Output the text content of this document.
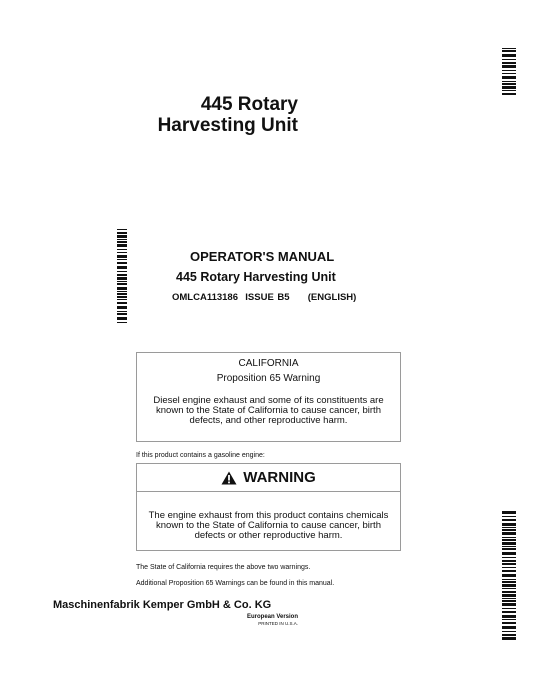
445 Rotary
Harvesting Unit
OPERATOR'S MANUAL
445 Rotary Harvesting Unit
OMLCA113186  ISSUE B5     (ENGLISH)
CALIFORNIA
Proposition 65 Warning
Diesel engine exhaust and some of its constituents are known to the State of California to cause cancer, birth defects, and other reproductive harm.
If this product contains a gasoline engine:
WARNING
The engine exhaust from this product contains chemicals known to the State of California to cause cancer, birth defects or other reproductive harm.
The State of California requires the above two warnings.
Additional Proposition 65 Warnings can be found in this manual.
Maschinenfabrik Kemper GmbH & Co. KG
European Version
PRINTED IN U.S.A.
